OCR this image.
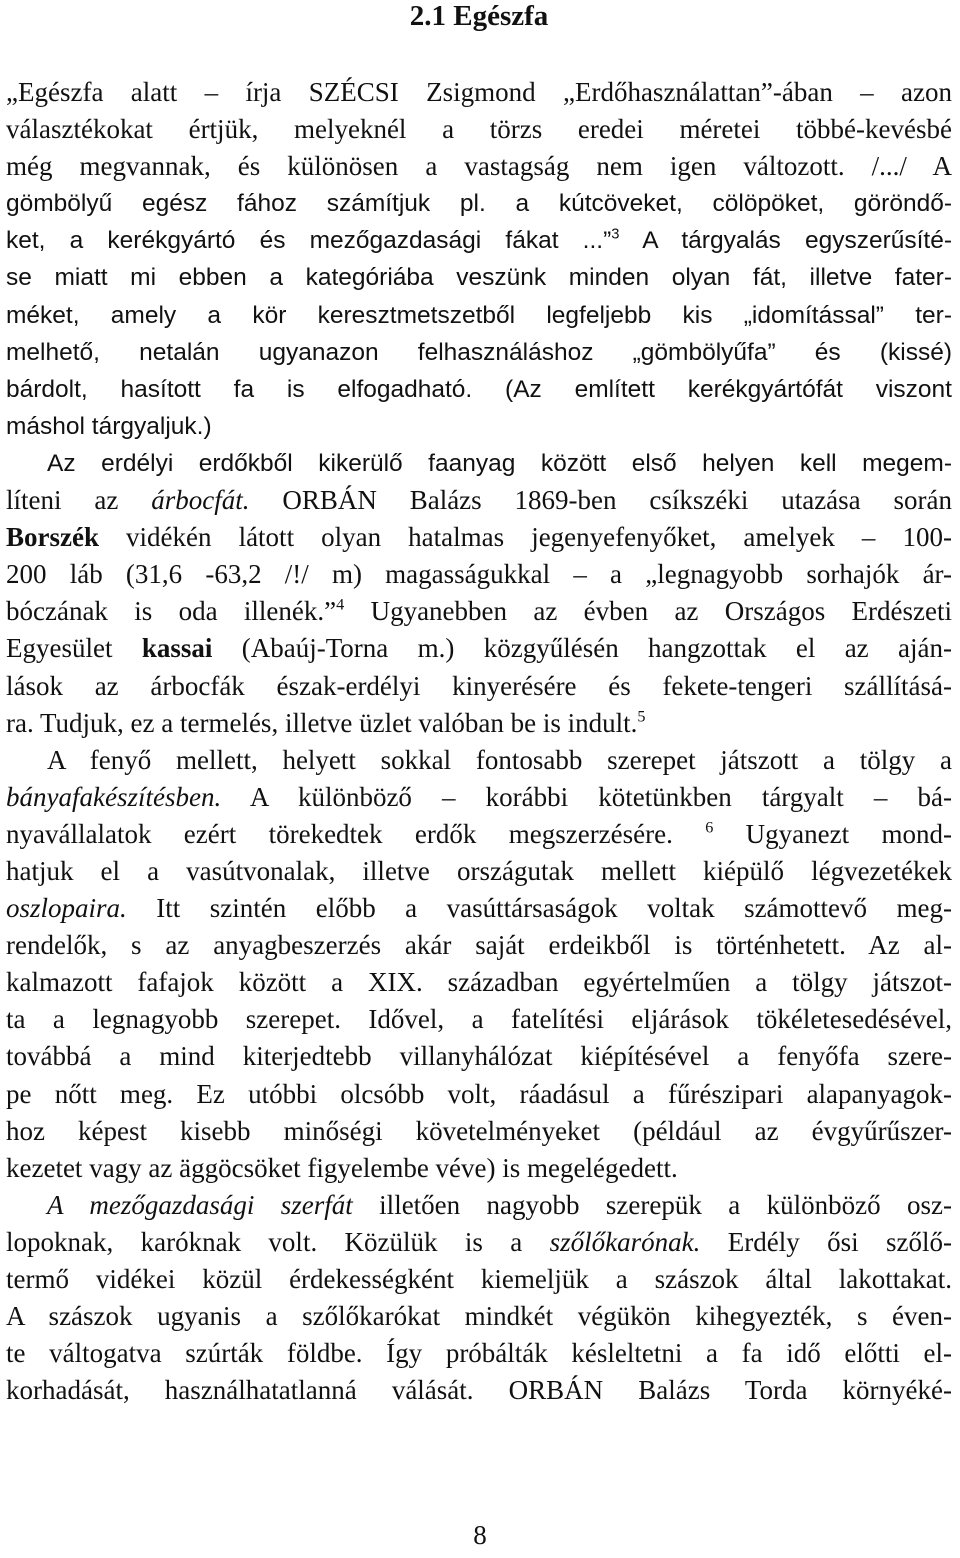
2.1 Egészfa
„Egészfa alatt – írja SZÉCSI Zsigmond „Erdőhasználattan”-ában – azon
választékokat értjük, melyeknél a törzs eredei méretei többé-kevésbé
még megvannak, és különösen a vastagság nem igen változott. /.../ A
gömbölyű egész fához számítjuk pl. a kútcöveket, cölöpöket, göröndő-
ket, a kerékgyártó és mezőgazdasági fákat ...”$^3$ A tárgyalás egyszerűsíté-
se miatt mi ebben a kategóriába veszünk minden olyan fát, illetve fater-
méket, amely a kör keresztmetszetből legfeljebb kis „idomítással” ter-
melhető, netalán ugyanazon felhasználáshoz „gömbölyűfa” és (kissé)
bárdolt, hasított fa is elfogadható. (Az említett kerékgyártófát viszont
máshol tárgyaljuk.)
Az erdélyi erdőkből kikerülő faanyag között első helyen kell megem-
líteni az árbocfát. ORBÁN Balázs 1869-ben csíkszéki utazása során
Borszék vidékén látott olyan hatalmas jegenyefenyőket, amelyek – 100-
200 láb (31,6 -63,2 /!/ m) magasságukkal – a „legnagyobb sorhajók ár-
bóczának is oda illenék.”$^4$ Ugyanebben az évben az Országos Erdészeti
Egyesület kassai (Abaúj-Torna m.) közgyűlésén hangzottak el az aján-
lások az árbocfák észak-erdélyi kinyerésére és fekete-tengeri szállításá-
ra. Tudjuk, ez a termelés, illetve üzlet valóban be is indult.$^5$
A fenyő mellett, helyett sokkal fontosabb szerepet játszott a tölgy a
bányafakészítésben. A különböző – korábbi kötetünkben tárgyalt – bá-
nyavállalatok ezért törekedtek erdők megszerzésére. $^6$ Ugyanezt mond-
hatjuk el a vasútvonalak, illetve országutak mellett kiépülő légvezetékek
oszlopaira. Itt szintén előbb a vasúttársaságok voltak számottevő meg-
rendelők, s az anyagbeszerzés akár saját erdeikből is történhetett. Az al-
kalmazott fafajok között a XIX. században egyértelműen a tölgy játszot-
ta a legnagyobb szerepet. Idővel, a fatelítési eljárások tökéletesedésével,
továbbá a mind kiterjedtebb villanyhálózat kiépítésével a fenyőfa szere-
pe nőtt meg. Ez utóbbi olcsóbb volt, ráadásul a fűrészipari alapanyagok-
hoz képest kisebb minőségi követelményeket (például az évgyűrűszer-
kezetet vagy az äggöcsöket figyelembe véve) is megelégedett.
A mezőgazdasági szerfát illetően nagyobb szerepük a különböző osz-
lopoknak, karóknak volt. Közülük is a szőlőkarónak. Erdély ősi szőlő-
termő vidékei közül érdekességként kiemeljük a szászok által lakottakat.
A szászok ugyanis a szőlőkarókat mindkét végükön kihegyezték, s éven-
te váltogatva szúrták földbe. Így próbálták késleltetni a fa idő előtti el-
korhadását, használhatatlanná válását. ORBÁN Balázs Torda környéké-
8
